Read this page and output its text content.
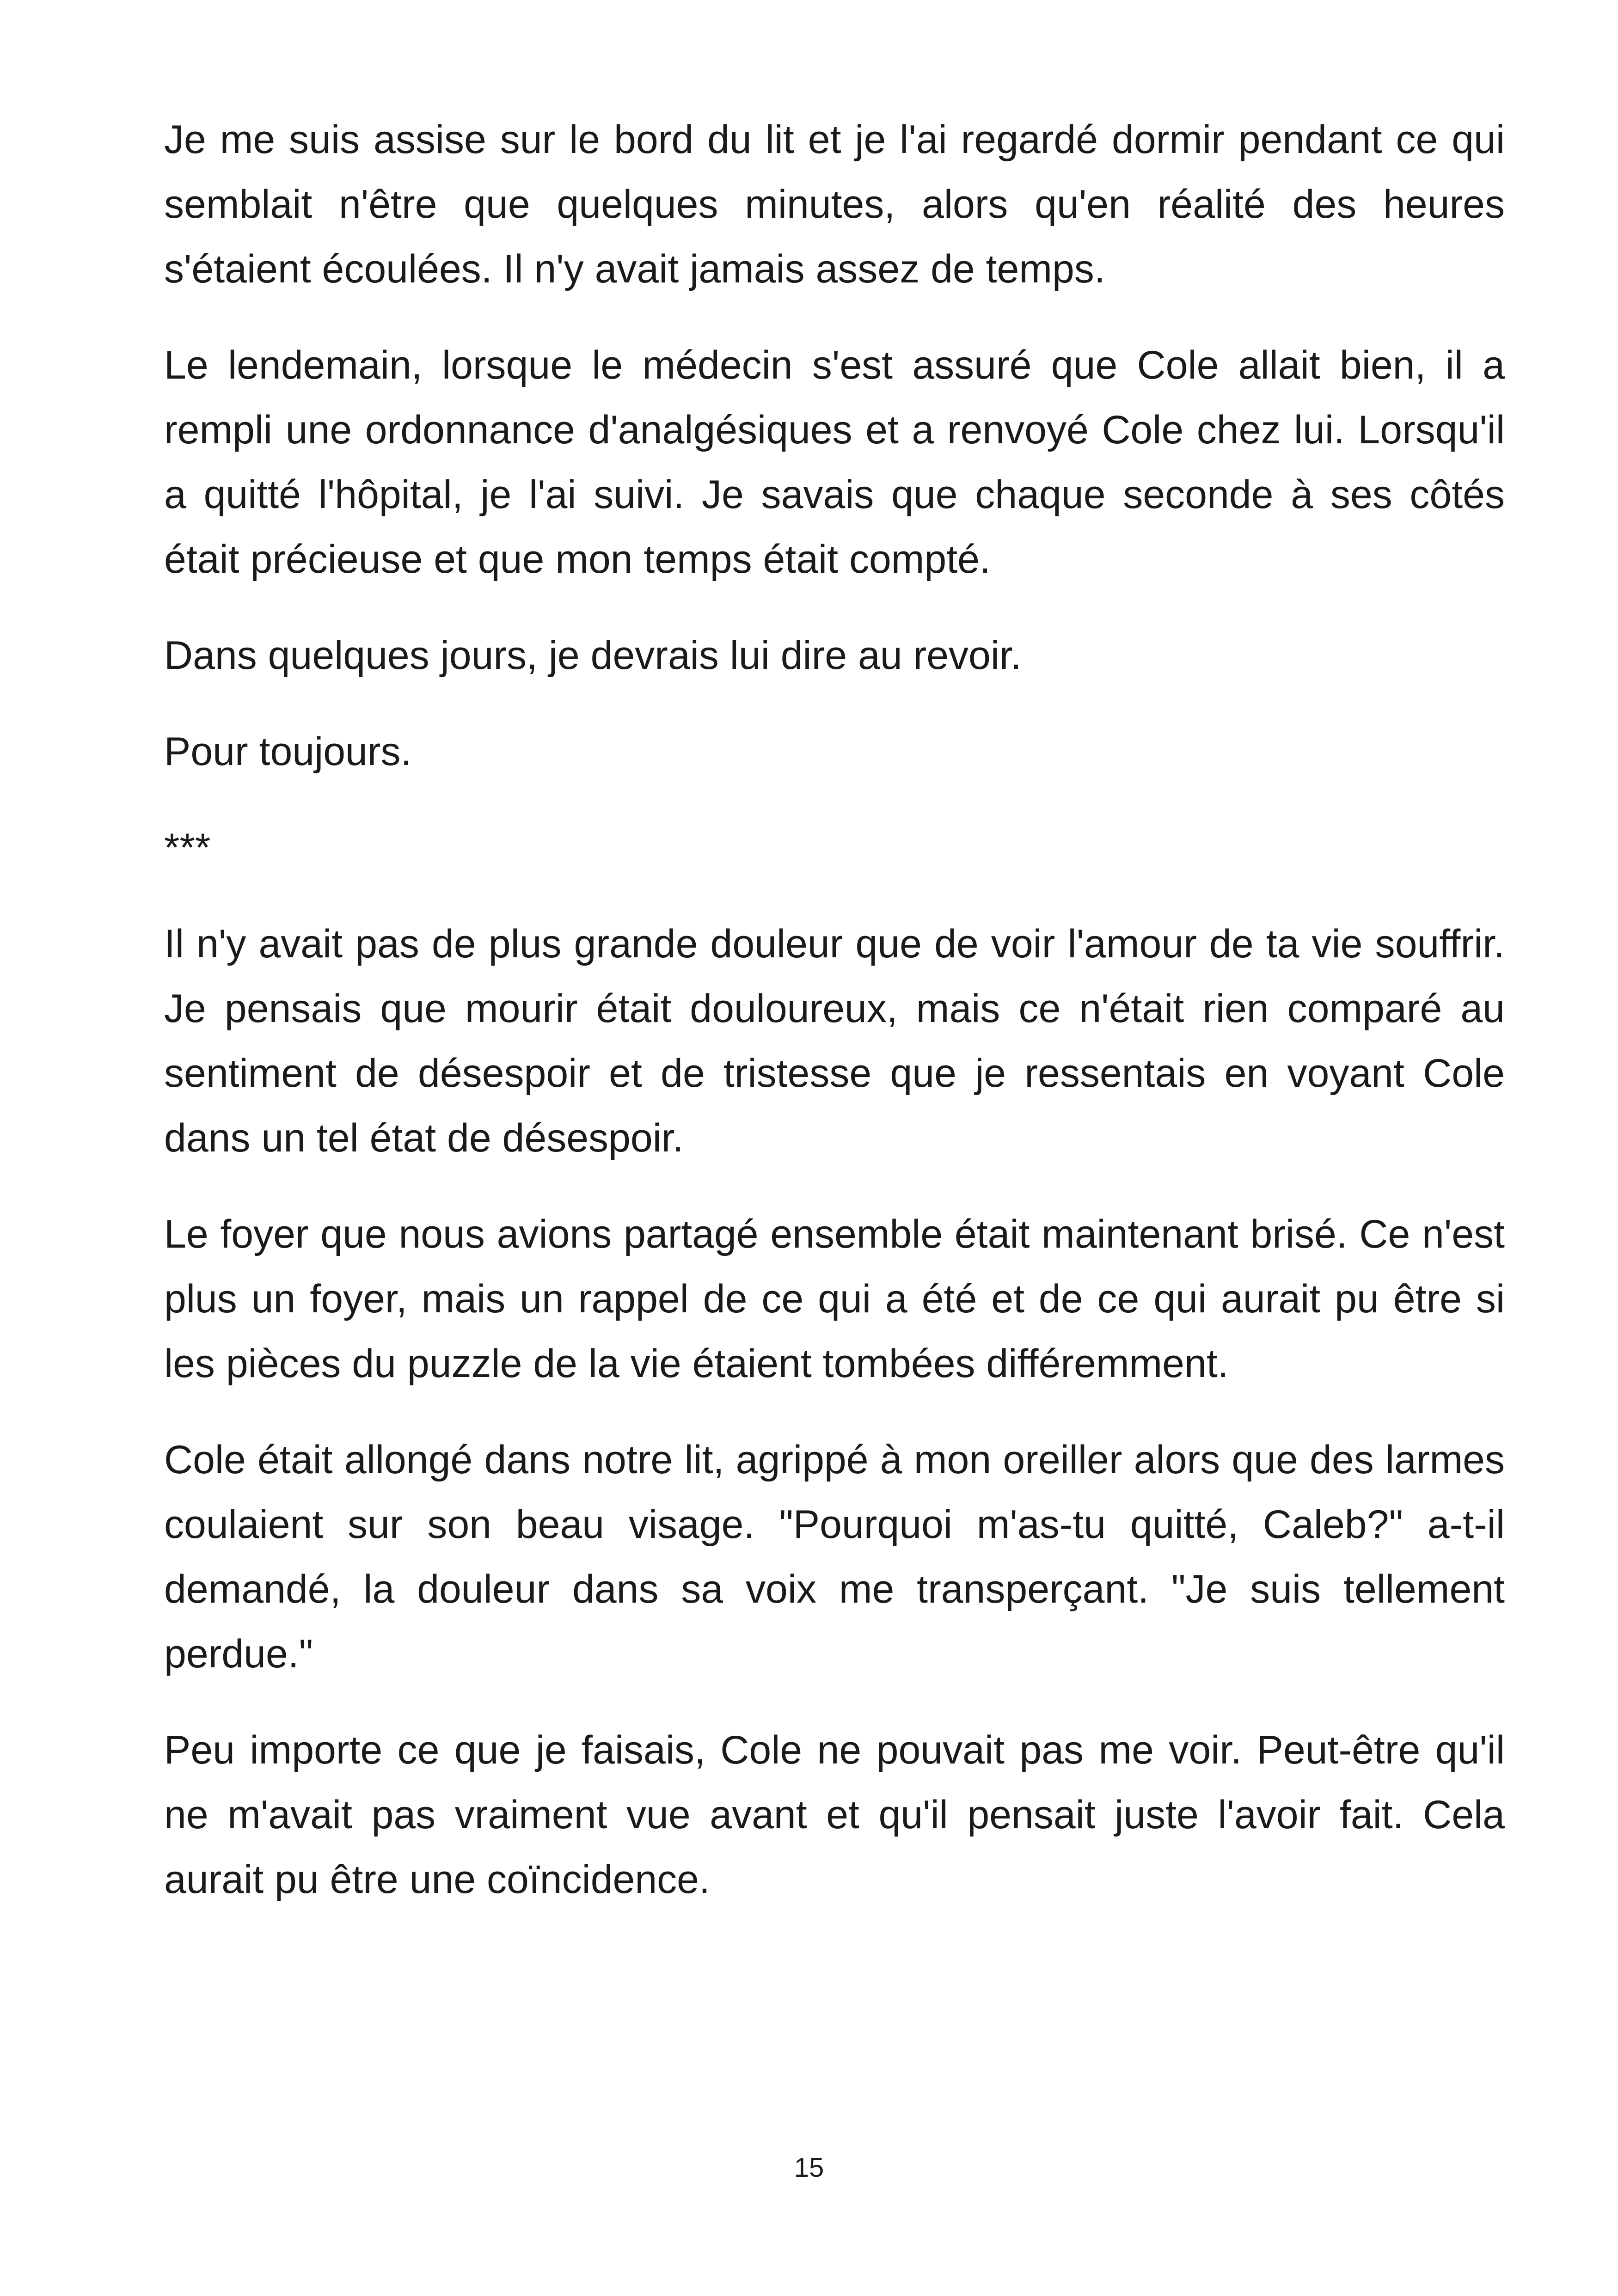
Je me suis assise sur le bord du lit et je l'ai regardé dormir pendant ce qui semblait n'être que quelques minutes, alors qu'en réalité des heures s'étaient écoulées. Il n'y avait jamais assez de temps.

Le lendemain, lorsque le médecin s'est assuré que Cole allait bien, il a rempli une ordonnance d'analgésiques et a renvoyé Cole chez lui. Lorsqu'il a quitté l'hôpital, je l'ai suivi. Je savais que chaque seconde à ses côtés était précieuse et que mon temps était compté.

Dans quelques jours, je devrais lui dire au revoir.

Pour toujours.

***

Il n'y avait pas de plus grande douleur que de voir l'amour de ta vie souffrir. Je pensais que mourir était douloureux, mais ce n'était rien comparé au sentiment de désespoir et de tristesse que je ressentais en voyant Cole dans un tel état de désespoir.

Le foyer que nous avions partagé ensemble était maintenant brisé. Ce n'est plus un foyer, mais un rappel de ce qui a été et de ce qui aurait pu être si les pièces du puzzle de la vie étaient tombées différemment.

Cole était allongé dans notre lit, agrippé à mon oreiller alors que des larmes coulaient sur son beau visage. "Pourquoi m'as-tu quitté, Caleb?" a-t-il demandé, la douleur dans sa voix me transperçant. "Je suis tellement perdue."

Peu importe ce que je faisais, Cole ne pouvait pas me voir. Peut-être qu'il ne m'avait pas vraiment vue avant et qu'il pensait juste l'avoir fait. Cela aurait pu être une coïncidence.

15
